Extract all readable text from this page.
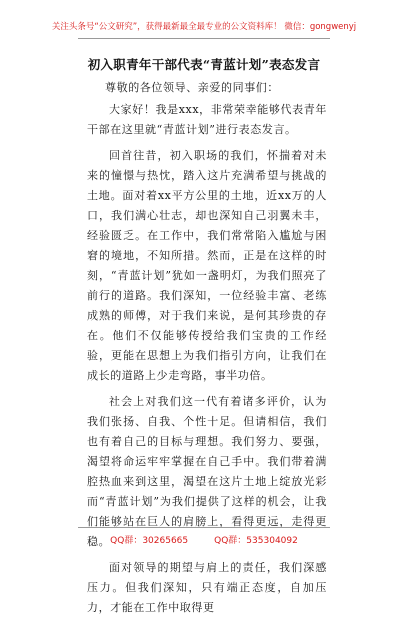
关注头条号“公文研究”，获得最新最全最专业的公文资料库！ 微信：gongwenyj
初入职青年干部代表“青蓝计划”表态发言
尊敬的各位领导、亲爱的同事们：

大家好！我是xxx，非常荣幸能够代表青年干部在这里就“青蓝计划”进行表态发言。

回首往昔，初入职场的我们，怀揣着对未来的憧憬与热忱，踏入这片充满希望与挑战的土地。面对着xx平方公里的土地，近xx万的人口，我们满心壮志，却也深知自己羽翼未丰，经验匮乏。在工作中，我们常常陷入尴尬与困窘的境地，不知所措。然而，正是在这样的时刻，“青蓝计划”犹如一盏明灯，为我们照亮了前行的道路。我们深知，一位经验丰富、老练成熟的师傅，对于我们来说，是何其珍贵的存在。他们不仅能够传授给我们宝贵的工作经验，更能在思想上为我们指引方向，让我们在成长的道路上少走弯路，事半功倍。

社会上对我们这一代有着诸多评价，认为我们张扬、自我、个性十足。但请相信，我们也有着自己的目标与理想。我们努力、要强，渴望将命运牢牢掌握在自己手中。我们带着满腔热血来到这里，渴望在这片土地上绽放光彩而“青蓝计划”为我们提供了这样的机会，让我们能够站在巨人的肩膀上，看得更远，走得更稳。

面对领导的期望与肩上的责任，我们深感压力。但我们深知，只有端正态度，自加压力，才能在工作中取得更

QQ群：30265665	QQ群：535304092
